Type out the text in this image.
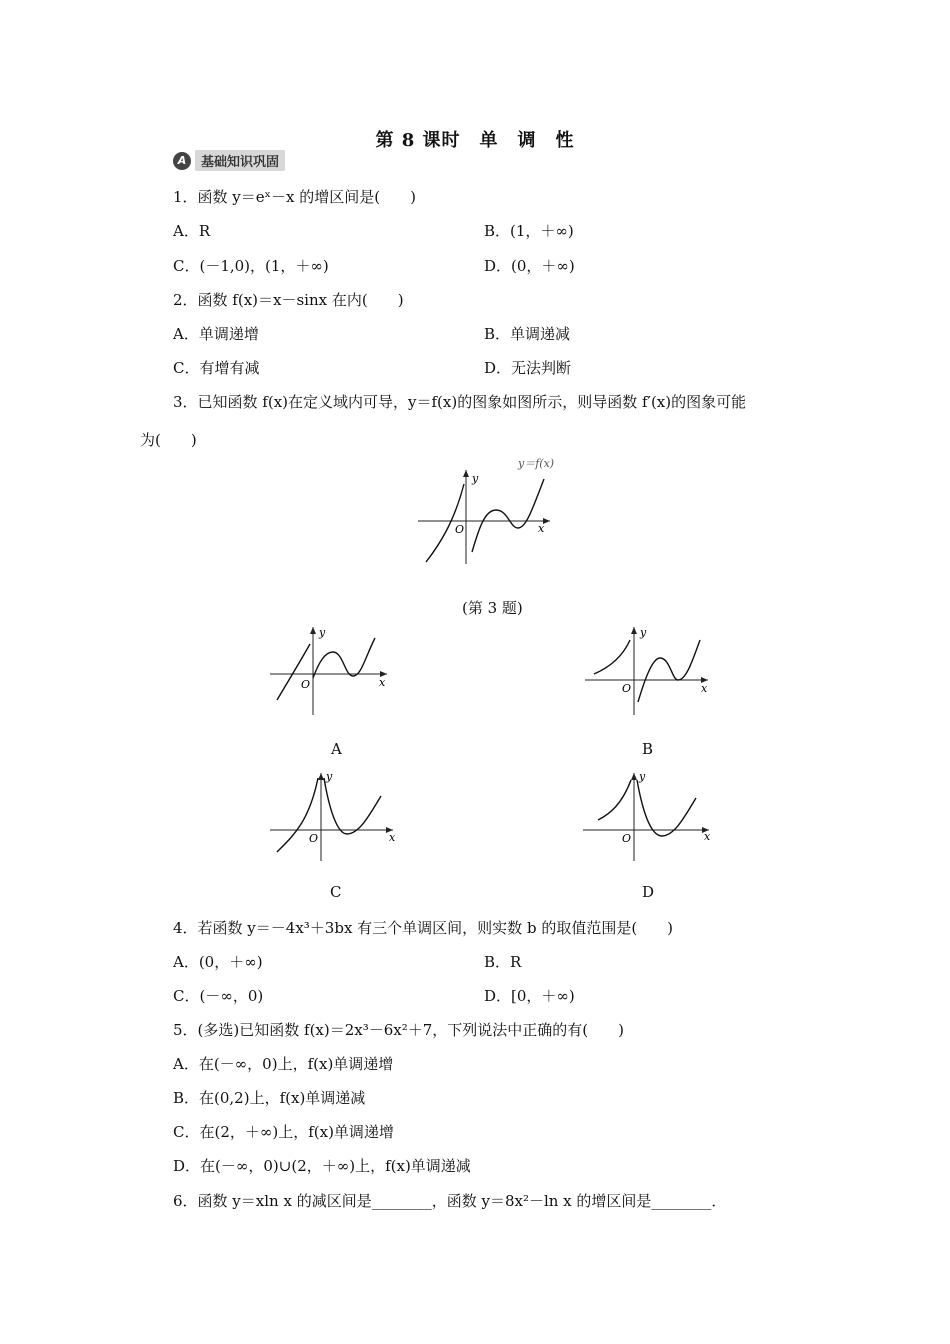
第 8 课时　单　调　性
A	基础知识巩固
1．函数 y＝eˣ－x 的增区间是(　　)
A．R	B．(1，＋∞)
C．(－1,0)，(1，＋∞)	D．(0，＋∞)
2．函数 f(x)＝x－sinx 在内(　　)
A．单调递增	B．单调递减
C．有增有减	D．无法判断
3．已知函数 f(x)在定义域内可导，y＝f(x)的图象如图所示，则导函数 f′(x)的图象可能
为(　　)
y
x
O
y＝f(x)
(第 3 题)
y
x
O
A
y
x
O
B
y
x
O
C
y
x
O
D
4．若函数 y＝－4x³＋3bx 有三个单调区间，则实数 b 的取值范围是(　　)
A．(0，＋∞)	B．R
C．(－∞，0)	D．[0，＋∞)
5．(多选)已知函数 f(x)＝2x³－6x²＋7，下列说法中正确的有(　　)
A．在(－∞，0)上，f(x)单调递增
B．在(0,2)上，f(x)单调递减
C．在(2，＋∞)上，f(x)单调递增
D．在(－∞，0)∪(2，＋∞)上，f(x)单调递减
6．函数 y＝xln x 的减区间是________，函数 y＝8x²－ln x 的增区间是________．
